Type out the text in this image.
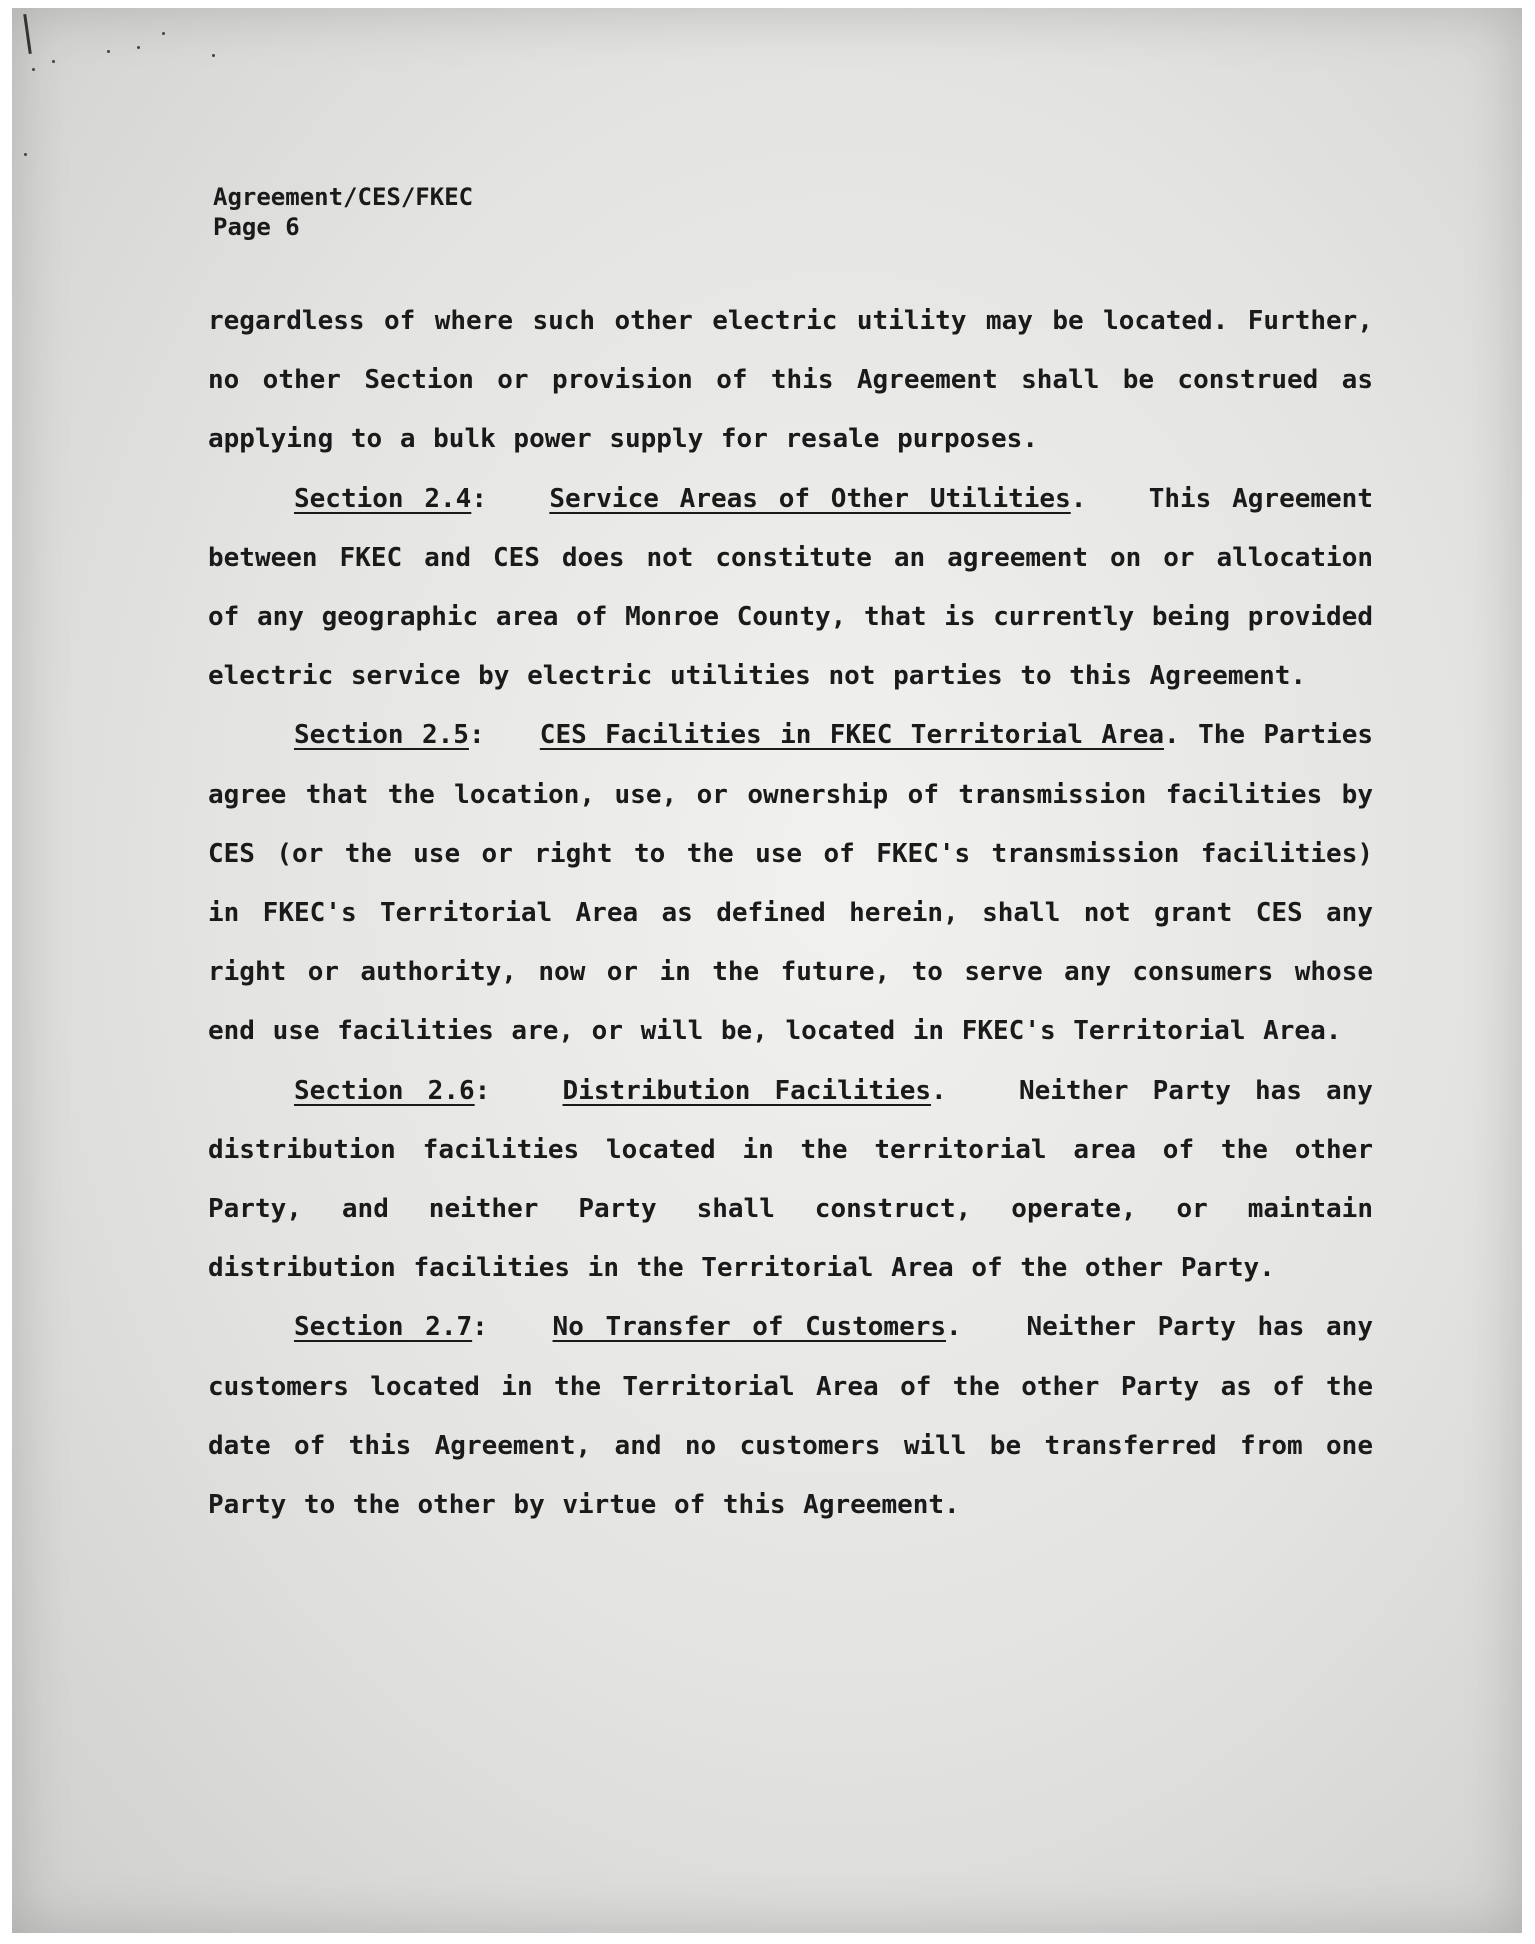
Agreement/CES/FKEC
Page 6

regardless of where such other electric utility may be located. Further, no other Section or provision of this Agreement shall be construed as applying to a bulk power supply for resale purposes.

Section 2.4:   Service Areas of Other Utilities.   This Agreement between FKEC and CES does not constitute an agreement on or allocation of any geographic area of Monroe County, that is currently being provided electric service by electric utilities not parties to this Agreement.

Section 2.5:   CES Facilities in FKEC Territorial Area. The Parties agree that the location, use, or ownership of transmission facilities by CES (or the use or right to the use of FKEC's transmission facilities) in FKEC's Territorial Area as defined herein, shall not grant CES any right or authority, now or in the future, to serve any consumers whose end use facilities are, or will be, located in FKEC's Territorial Area.

Section 2.6:   Distribution Facilities.   Neither Party has any distribution facilities located in the territorial area of the other Party, and neither Party shall construct, operate, or maintain distribution facilities in the Territorial Area of the other Party.

Section 2.7:   No Transfer of Customers.   Neither Party has any customers located in the Territorial Area of the other Party as of the date of this Agreement, and no customers will be transferred from one Party to the other by virtue of this Agreement.
